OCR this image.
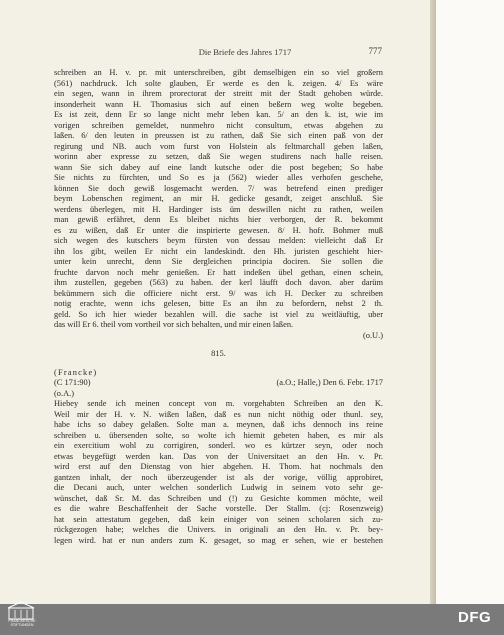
Die Briefe des Jahres 1717	777
schreiben an H. v. pr. mit unterschreiben, gibt demselbigen ein so viel großern
(561) nachdruck. Ich solte glauben, Er werde es den k. zeigen. 4/ Es wäre
ein segen, wann in ihrem prorectorat der streitt mit der Stadt gehoben würde.
insonderheit wann H. Thomasius sich auf einen beßern weg wolte begeben.
Es ist zeit, denn Er so lange nicht mehr leben kan. 5/ an den k. ist, wie im
vorigen schreiben gemeldet, nunmehro nicht consultum, etwas abgehen zu
laßen. 6/ den leuten in preussen ist zu rathen, daß Sie sich einen paß von der
regirung und NB. auch vom furst von Holstein als feltmarchall geben laßen,
worinn aber expresse zu setzen, daß Sie wegen studirens nach halle reisen.
wann Sie sich dabey auf eine landt kutsche oder die post begeben; So habe
Sie nichts zu fürchten, und So es ja (562) wieder alles verhofen geschehe,
können Sie doch gewiß losgemacht werden. 7/ was betrefend einen prediger
beym Lobenschen regiment, an mir H. gedicke gesandt, zeiget anschluß. Sie
werdens überlegen, mit H. Hardinger ists üm deswillen nicht zu rathen, weilen
man gewiß erfähret, denn Es bleibet nichts hier verborgen, der R. bekommt
es zu wißen, daß Er unter die inspirierte gewesen. 8/ H. hofr. Bohmer muß
sich wegen des kutschers beym fürsten von dessau melden: vielleicht daß Er
ihn los gibt, weilen Er nicht ein landeskindt. den Hh. juristen geschieht hier-
unter kein unrecht, denn Sie dergleichen principia dociren. Sie sollen die
fruchte darvon noch mehr genießen. Er hatt indeßen übel gethan, einen schein,
ihm zustellen, gegeben (563) zu haben. der kerl läufft doch davon. aber darüm
bekümmern sich die officiere nicht erst. 9/ was ich H. Decker zu schreiben
notig erachte, wenn ichs gelesen, bitte Es an ihn zu befordern, nebst 2 th.
geld. So ich hier wieder bezahlen will. die sache ist viel zu weitläuftig, uber
das will Er 6. theil vom vortheil vor sich behalten, und mir einen laßen.
(o.U.)
815.
(Francke)
(C 171:90)	(a.O.; Halle,) Den 6. Febr. 1717
(o.A.)
Hiebey sende ich meinen concept von m. vorgehabten Schreiben an den K.
Weil mir der H. v. N. wißen laßen, daß es nun nicht nöthig oder thunl. sey,
habe ichs so dabey gelaßen. Solte man a. meynen, daß ichs dennoch ins reine
schreiben u. übersenden solte, so wolte ich hiemit gebeten haben, es mir als
ein exercitium wohl zu corrigiren, sonderl. wo es kürtzer seyn, oder noch
etwas beygefügt werden kan. Das von der Universitaet an den Hn. v. Pr.
wird erst auf den Dienstag von hier abgehen. H. Thom. hat nochmals den
gantzen inhalt, der noch überzeugender ist als der vorige, völlig approbiret,
die Decani auch, unter welchen sonderlich Ludwig in seinem voto sehr ge-
wünschet, daß Sr. M. das Schreiben und (!) zu Gesichte kommen möchte, weil
es die wahre Beschaffenheit der Sache vorstelle. Der Stallm. (cj: Rosenzweig)
hat sein attestatum gegeben, daß kein einiger von seinen scholaren sich zu-
rückgezogen habe; welches die Univers. in originali an den Hn. v. Pr. bey-
legen wird. hat er nun anders zum K. gesaget, so mag er sehen, wie er bestehen
FRANCKESCHE
STIFTUNGEN	DFG
